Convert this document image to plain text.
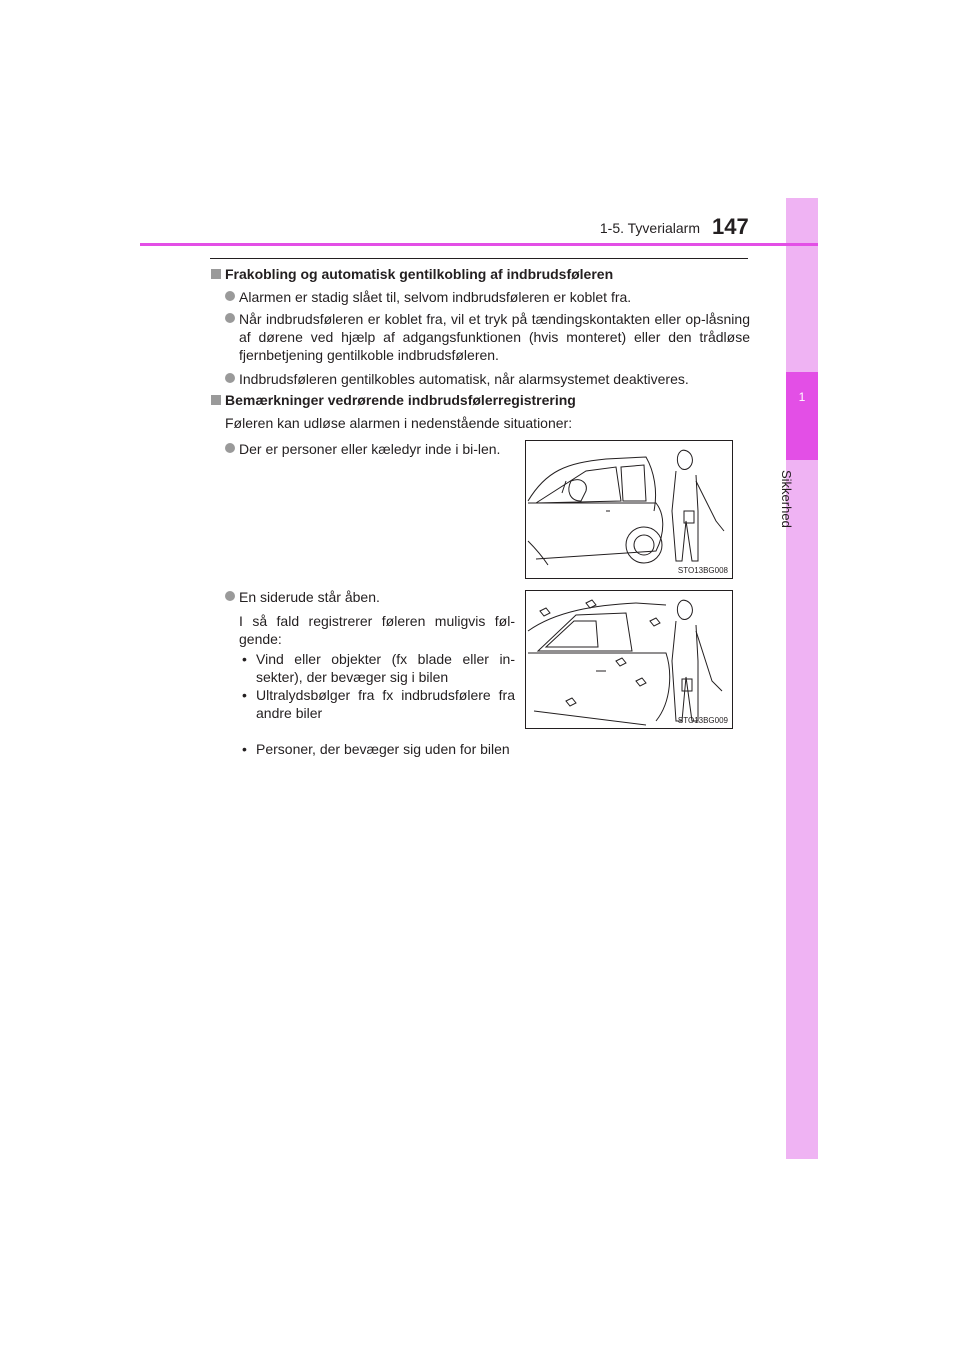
1
Sikkerhed
1-5. Tyverialarm 147
Frakobling og automatisk gentilkobling af indbrudsføleren
Alarmen er stadig slået til, selvom indbrudsføleren er koblet fra.
Når indbrudsføleren er koblet fra, vil et tryk på tændingskontakten eller op-låsning af dørene ved hjælp af adgangsfunktionen (hvis monteret) eller den trådløse fjernbetjening gentilkoble indbrudsføleren.
Indbrudsføleren gentilkobles automatisk, når alarmsystemet deaktiveres.
Bemærkninger vedrørende indbrudsfølerregistrering
Føleren kan udløse alarmen i nedenstående situationer:
Der er personer eller kæledyr inde i bi-len.
STO13BG008
En siderude står åben.
I så fald registrerer føleren muligvis føl-gende:
• Vind eller objekter (fx blade eller in-sekter), der bevæger sig i bilen
• Ultralydsbølger fra fx indbrudsfølere fra andre biler	STO13BG009
• Personer, der bevæger sig uden for bilen
